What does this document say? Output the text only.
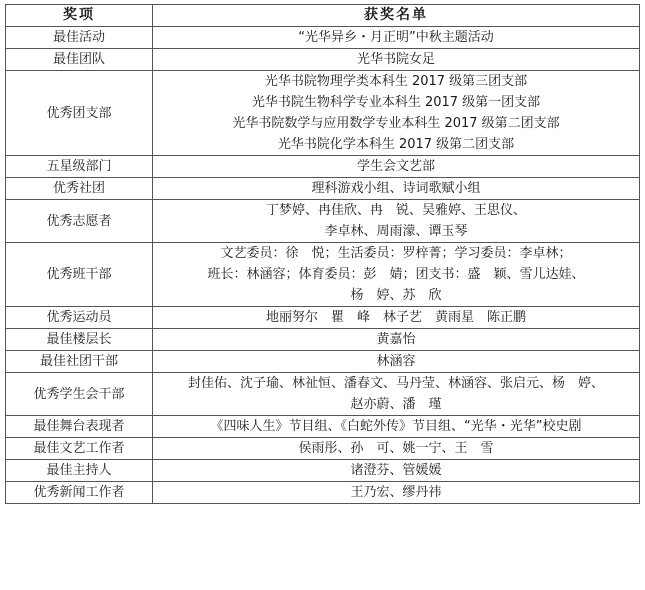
奖项	获奖名单
最佳活动	“光华异乡・月正明”中秋主题活动

最佳团队	光华书院女足

优秀团支部	光华书院物理学类本科生 2017 级第三团支部
光华书院生物科学专业本科生 2017 级第一团支部
光华书院数学与应用数学专业本科生 2017 级第二团支部
光华书院化学本科生 2017 级第二团支部

五星级部门	学生会文艺部

优秀社团	理科游戏小组、诗词歌赋小组

优秀志愿者	丁梦婷、冉佳欣、冉　锐、吴雅婷、王思仪、
李卓林、周雨濛、谭玉琴

优秀班干部	文艺委员：徐　悦；生活委员：罗梓菁；学习委员：李卓林；
班长：林涵容；体育委员：彭　婧；团支书：盛　颖、雪儿达娃、
杨　婷、苏　欣

优秀运动员	地丽努尔　瞿　峰　林子艺　黄雨星　陈正鹏

最佳楼层长	黄嘉怡

最佳社团干部	林涵容

优秀学生会干部	封佳佑、沈子瑜、林祉恒、潘春文、马丹莹、林涵容、张启元、杨　婷、
赵亦蔚、潘　瑾

最佳舞台表现者	《四味人生》节目组、《白蛇外传》节目组、“光华・光华”校史剧

最佳文艺工作者	侯雨彤、孙　可、姚一宁、王　雪

最佳主持人	诸澄芬、管媛媛

优秀新闻工作者	王乃宏、缪丹祎
